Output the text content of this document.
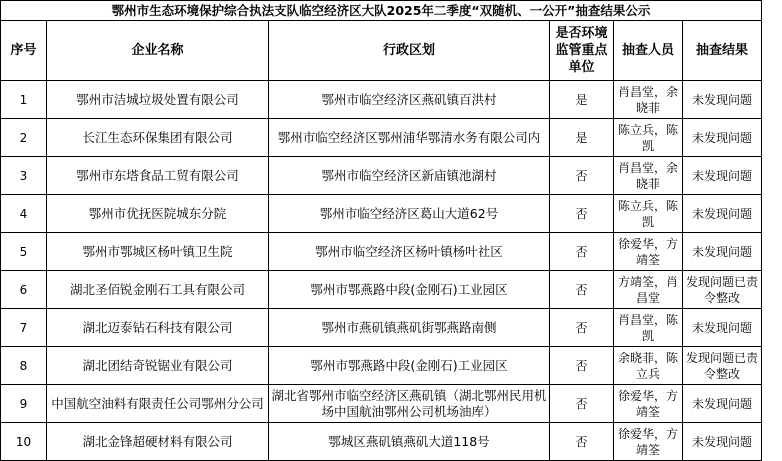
鄂州市生态环境保护综合执法支队临空经济区大队2025年二季度“双随机、一公开”抽查结果公示					
序号	企业名称	行政区划	是否环境监管重点单位	抽查人员	抽查结果
1	鄂州市洁城垃圾处置有限公司	鄂州市临空经济区燕矶镇百洪村	是	肖昌堂，余晓菲	未发现问题
2	长江生态环保集团有限公司	鄂州市临空经济区鄂州浦华鄂清水务有限公司内	是	陈立兵，陈凯	未发现问题
3	鄂州市东塔食品工贸有限公司	鄂州市临空经济区新庙镇池湖村	否	肖昌堂，余晓菲	未发现问题
4	鄂州市优抚医院城东分院	鄂州市临空经济区葛山大道62号	否	陈立兵，陈凯	未发现问题
5	鄂州市鄂城区杨叶镇卫生院	鄂州市临空经济区杨叶镇杨叶社区	否	徐爱华，方靖筌	未发现问题
6	湖北圣佰锐金刚石工具有限公司	鄂州市鄂燕路中段(金刚石)工业园区	否	方靖筌，肖昌堂	发现问题已责令整改
7	湖北迈泰钻石科技有限公司	鄂州市燕矶镇燕矶街鄂燕路南侧	否	肖昌堂，陈凯	未发现问题
8	湖北团结奇锐锯业有限公司	鄂州市鄂燕路中段(金刚石)工业园区	否	余晓菲，陈立兵	发现问题已责令整改
9	中国航空油料有限责任公司鄂州分公司	湖北省鄂州市临空经济区燕矶镇（湖北鄂州民用机场中国航油鄂州公司机场油库）	否	徐爱华，方靖筌	未发现问题
10	湖北金锋超硬材料有限公司	鄂城区燕矶镇燕矶大道118号	否	徐爱华，方靖筌	未发现问题
